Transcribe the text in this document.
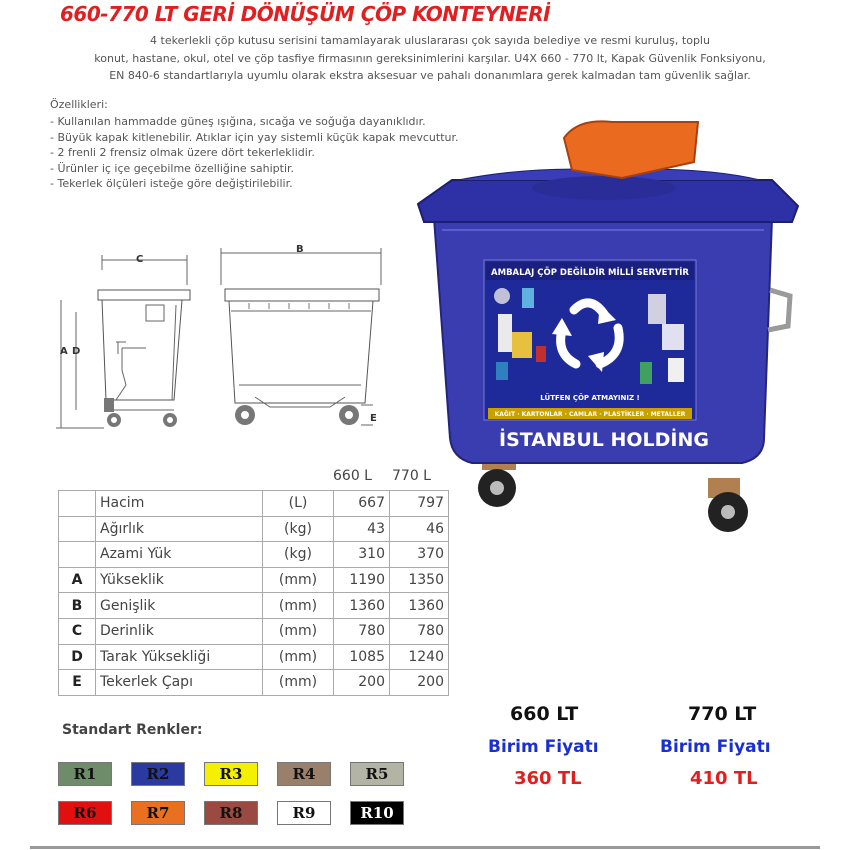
660-770 LT GERİ DÖNÜŞÜM ÇÖP KONTEYNERİ
4 tekerlekli çöp kutusu serisini tamamlayarak uluslararası çok sayıda belediye ve resmi kuruluş, toplu
konut, hastane, okul, otel ve çöp tasfiye firmasının gereksinimlerini karşılar. U4X 660 - 770 lt, Kapak Güvenlik Fonksiyonu,
EN 840-6 standartlarıyla uyumlu olarak ekstra aksesuar ve pahalı donanımlara gerek kalmadan tam güvenlik sağlar.
Özellikleri:
- Kullanılan hammadde güneş ışığına, sıcağa ve soğuğa dayanıklıdır.
- Büyük kapak kitlenebilir. Atıklar için yay sistemli küçük kapak mevcuttur.
- 2 frenli 2 frensiz olmak üzere dört tekerleklidir.
- Ürünler iç içe geçebilme özelliğine sahiptir.
- Tekerlek ölçüleri isteğe göre değiştirilebilir.
C
A D
B
E
AMBALAJ ÇÖP DEĞİLDİR MİLLİ SERVETTİR
LÜTFEN ÇÖP ATMAYINIZ !
KAĞIT · KARTONLAR · CAMLAR · PLASTİKLER · METALLER
İSTANBUL HOLDİNG
660 L 770 L
	Hacim	(L)	667	797
	Ağırlık	(kg)	43	46
	Azami Yük	(kg)	310	370
A	Yükseklik	(mm)	1190	1350
B	Genişlik	(mm)	1360	1360
C	Derinlik	(mm)	780	780
D	Tarak Yüksekliği	(mm)	1085	1240
E	Tekerlek Çapı	(mm)	200	200
Standart Renkler:
R1	R2	R3	R4	R5
R6	R7	R8	R9	R10
660 LT
Birim Fiyatı
360 TL
770 LT
Birim Fiyatı
410 TL
